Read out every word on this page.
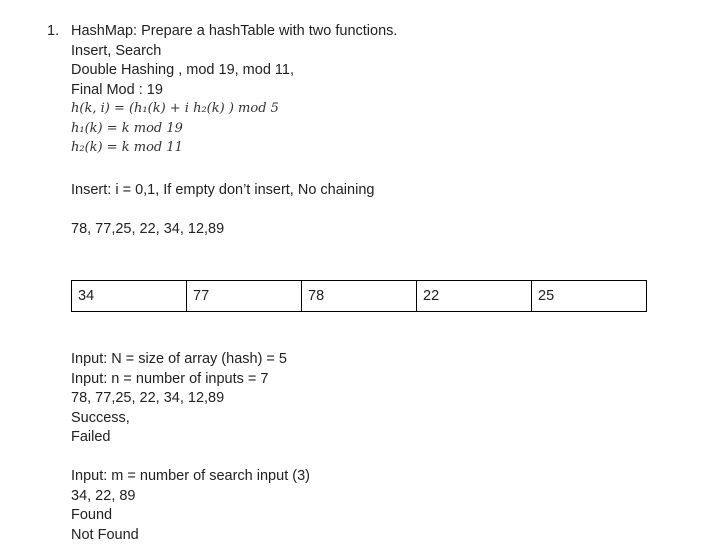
1. HashMap: Prepare a hashTable with two functions.
Insert, Search
Double Hashing , mod 19, mod 11,
Final Mod : 19
h(k, i) = (h₁(k) + i h₂(k) ) mod 5
h₁(k) = k mod 19
h₂(k) = k mod 11
Insert: i = 0,1, If empty don’t insert, No chaining
78, 77,25, 22, 34, 12,89
34	77	78	22	25
Input: N = size of array (hash) = 5
Input: n = number of inputs = 7
78, 77,25, 22, 34, 12,89
Success,
Failed
Input: m = number of search input (3)
34, 22, 89
Found
Not Found
